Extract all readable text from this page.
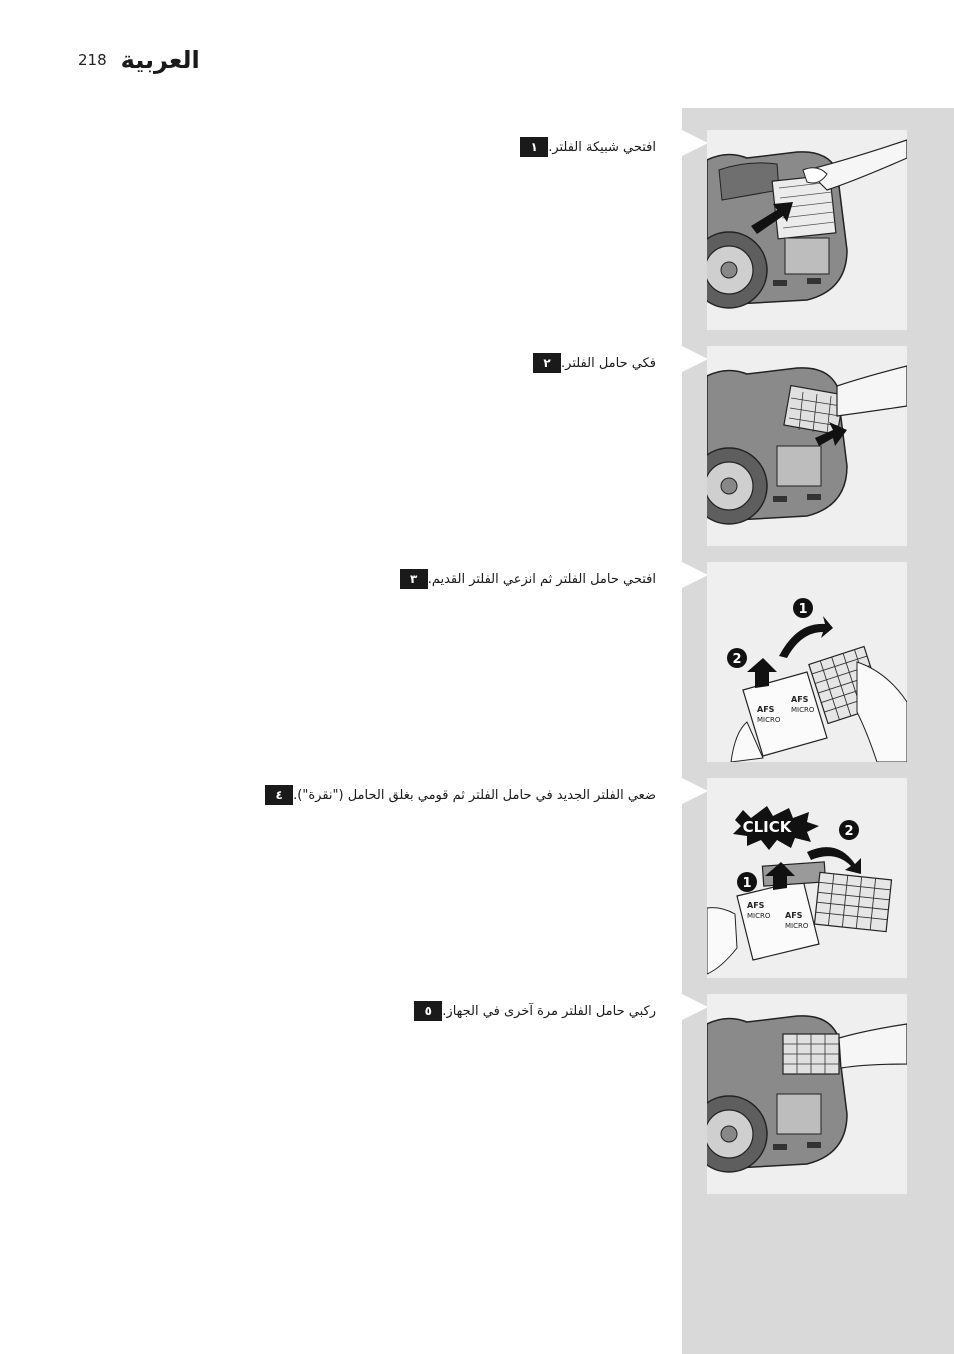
218 العربية
١ افتحي شبيكة الفلتر.
٢ فكي حامل الفلتر.
٣ افتحي حامل الفلتر ثم انزعي الفلتر القديم.
٤ ضعي الفلتر الجديد في حامل الفلتر ثم قومي بغلق الحامل ("نقرة").
٥ ركبي حامل الفلتر مرة آخرى في الجهاز.
AFS
MICRO
AFS
MICRO
1
2
CLICK
AFS
MICRO AFS
MICRO
2
1
